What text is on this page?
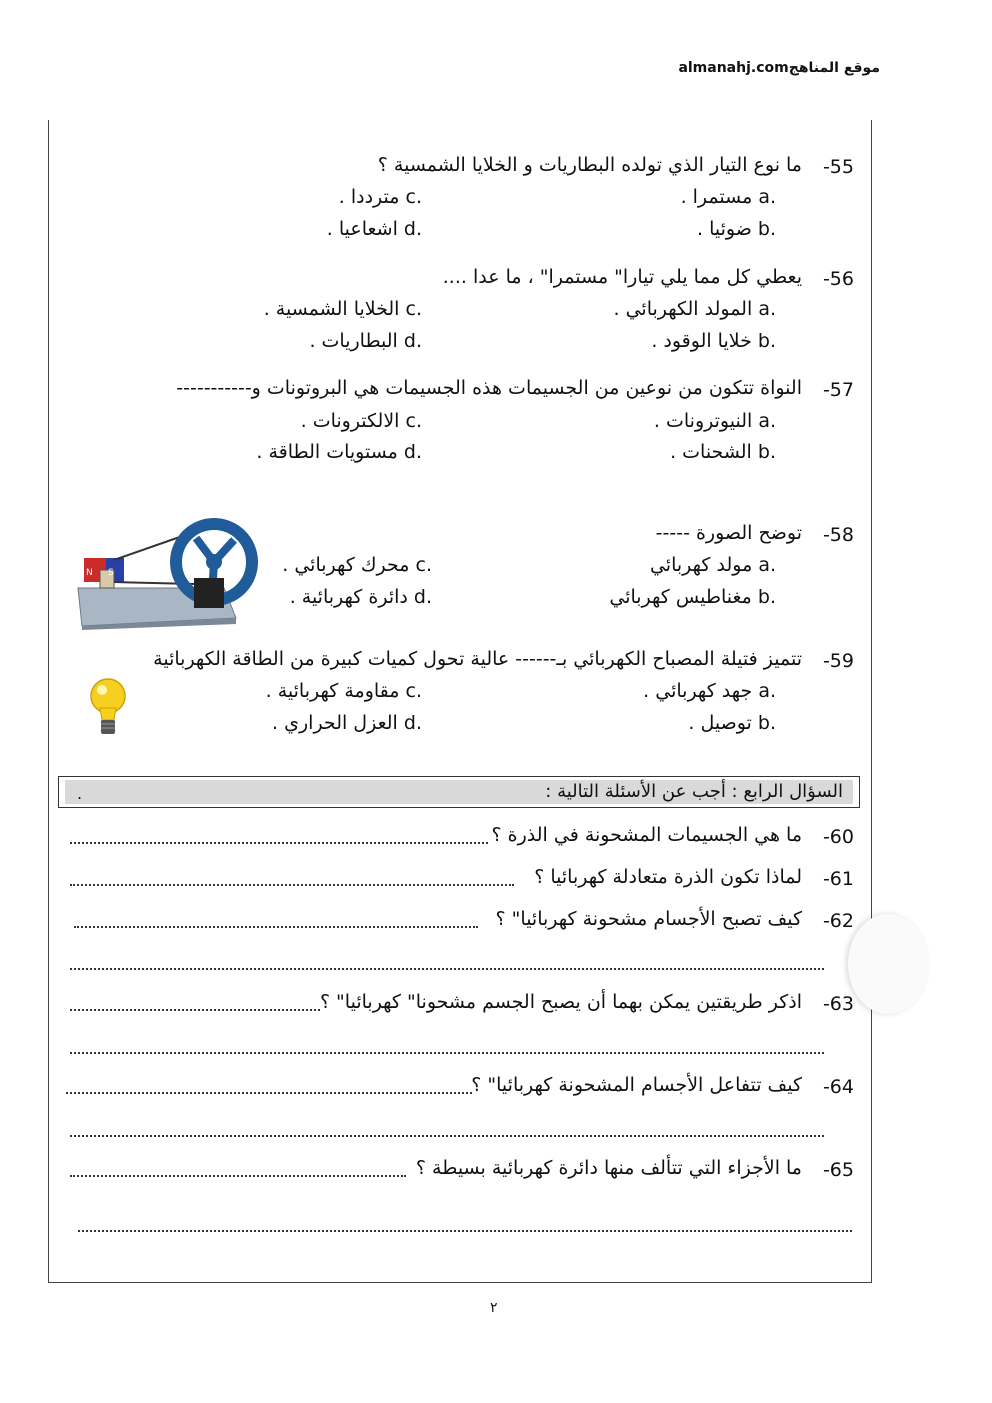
almanahj.comموقع المناهج
-55
ما نوع التيار الذي تولده البطاريات و الخلايا الشمسية ؟
a. مستمرا .
b. ضوئيا .
c. مترددا .
d. اشعاعيا .
-56
يعطي كل مما يلي تيارا" مستمرا" ، ما عدا ....
a. المولد الكهربائي .
b. خلايا الوقود .
c. الخلايا الشمسية .
d. البطاريات .
-57
النواة تتكون من نوعين من الجسيمات هذه الجسيمات هي البروتونات و-----------
a. النيوترونات .
b. الشحنات .
c. الالكترونات .
d. مستويات الطاقة .
-58
توضح الصورة -----
a. مولد كهربائي
b. مغناطيس كهربائي
c. محرك كهربائي .
d. دائرة كهربائية .
N S
-59
تتميز فتيلة المصباح الكهربائي بـ------ عالية تحول كميات كبيرة من الطاقة الكهربائية
a. جهد كهربائي .
b. توصيل .
c. مقاومة كهربائية .
d. العزل الحراري .
السؤال الرابع : أجب عن الأسئلة التالية :
.
-60
ما هي الجسيمات المشحونة في الذرة ؟
-61
لماذا تكون الذرة متعادلة كهربائيا ؟
-62
كيف تصبح الأجسام مشحونة كهربائيا" ؟
-63
اذكر طريقتين يمكن بهما أن يصبح الجسم مشحونا" كهربائيا" ؟
-64
كيف تتفاعل الأجسام المشحونة كهربائيا" ؟
-65
ما الأجزاء التي تتألف منها دائرة كهربائية بسيطة ؟
٢
